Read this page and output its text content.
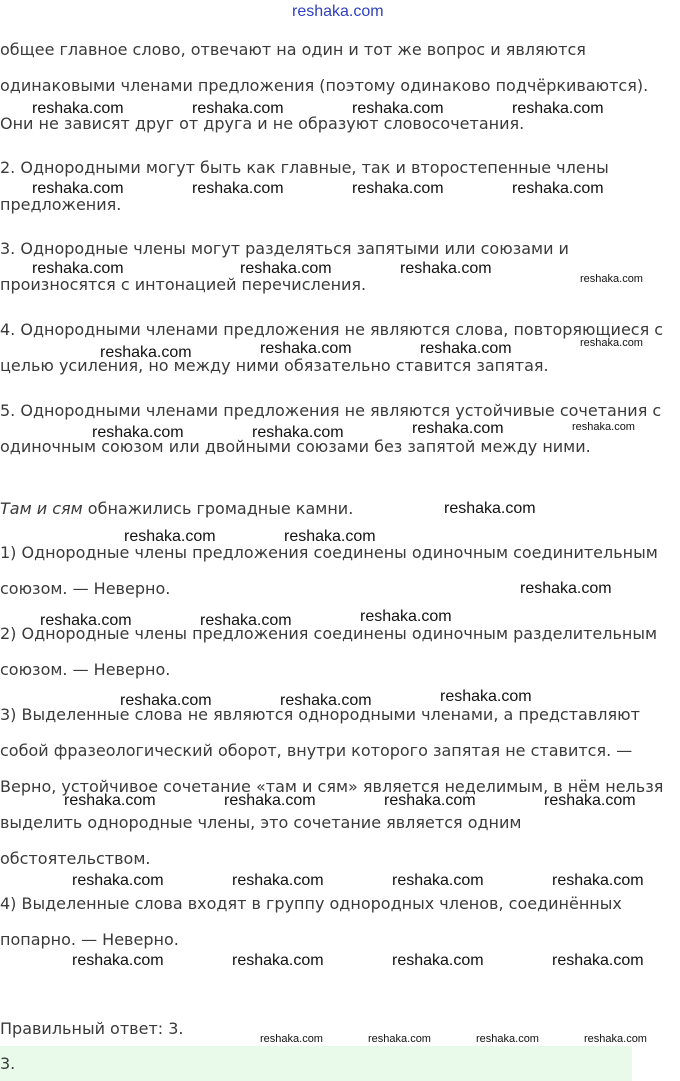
reshaka.com
общее главное слово, отвечают на один и тот же вопрос и являются
одинаковыми членами предложения (поэтому одинаково подчёркиваются).
Они не зависят друг от друга и не образуют словосочетания.
2. Однородными могут быть как главные, так и второстепенные члены
предложения.
3. Однородные члены могут разделяться запятыми или союзами и
произносятся с интонацией перечисления.
4. Однородными членами предложения не являются слова, повторяющиеся с
целью усиления, но между ними обязательно ставится запятая.
5. Однородными членами предложения не являются устойчивые сочетания с
одиночным союзом или двойными союзами без запятой между ними.
Там и сям обнажились громадные камни.
1) Однородные члены предложения соединены одиночным соединительным
союзом. — Неверно.
2) Однородные члены предложения соединены одиночным разделительным
союзом. — Неверно.
3) Выделенные слова не являются однородными членами, а представляют
собой фразеологический оборот, внутри которого запятая не ставится. —
Верно, устойчивое сочетание «там и сям» является неделимым, в нём нельзя
выделить однородные члены, это сочетание является одним
обстоятельством.
4) Выделенные слова входят в группу однородных членов, соединённых
попарно. — Неверно.
Правильный ответ: 3.
3.
reshaka.com	reshaka.com	reshaka.com	reshaka.com
reshaka.com	reshaka.com	reshaka.com	reshaka.com
reshaka.com	reshaka.com	reshaka.com
reshaka.com
reshaka.com	reshaka.com	reshaka.com	reshaka.com
reshaka.com	reshaka.com	reshaka.com	reshaka.com
reshaka.com
reshaka.com	reshaka.com
reshaka.com
reshaka.com	reshaka.com	reshaka.com
reshaka.com	reshaka.com	reshaka.com
reshaka.com	reshaka.com	reshaka.com	reshaka.com
reshaka.com	reshaka.com	reshaka.com	reshaka.com
reshaka.com	reshaka.com	reshaka.com	reshaka.com
reshaka.com	reshaka.com	reshaka.com	reshaka.com
